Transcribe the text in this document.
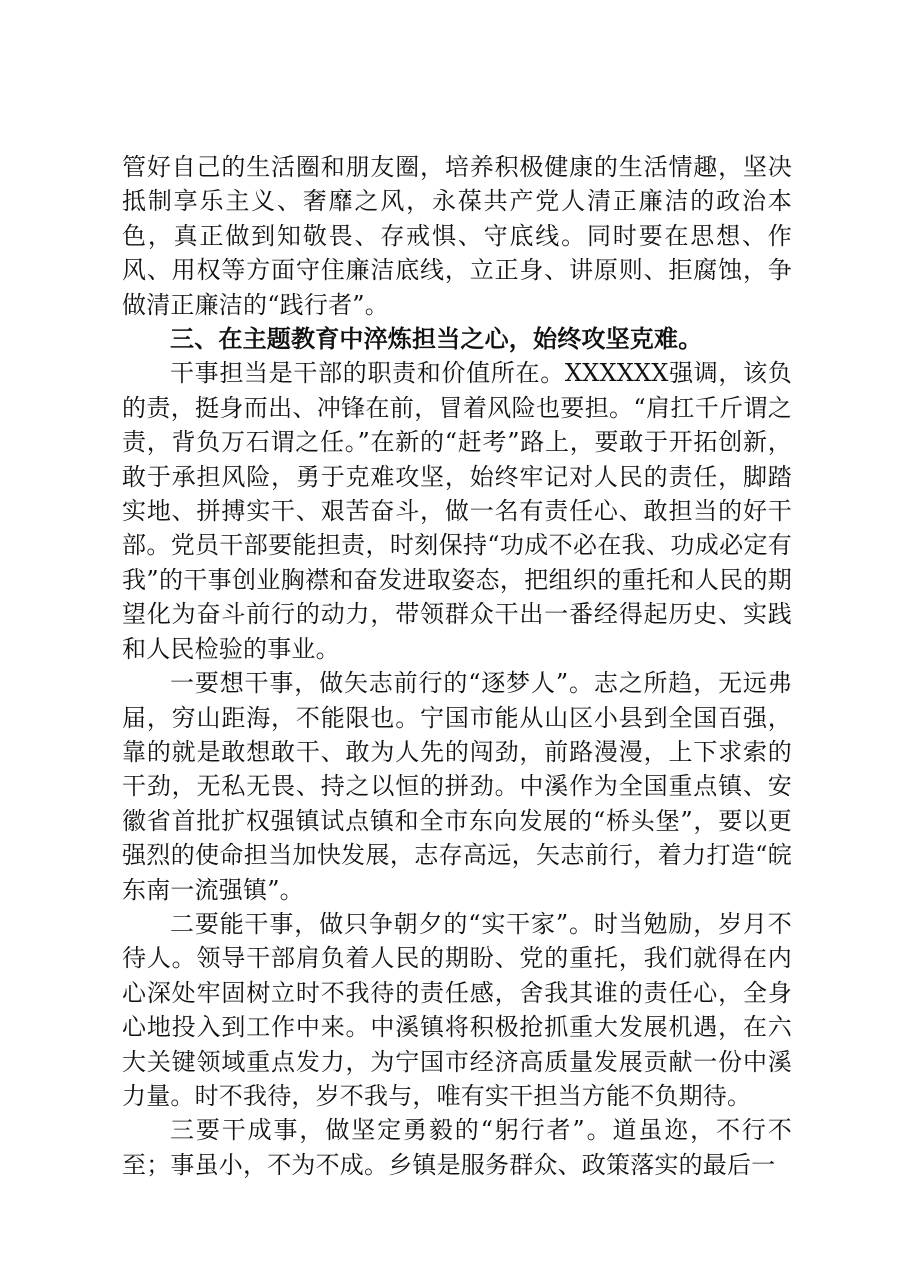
管好自己的生活圈和朋友圈，培养积极健康的生活情趣，坚决抵制享乐主义、奢靡之风，永葆共产党人清正廉洁的政治本色，真正做到知敬畏、存戒惧、守底线。同时要在思想、作风、用权等方面守住廉洁底线，立正身、讲原则、拒腐蚀，争做清正廉洁的“践行者”。

三、在主题教育中淬炼担当之心，始终攻坚克难。

干事担当是干部的职责和价值所在。XXXXXX强调，该负的责，挺身而出、冲锋在前，冒着风险也要担。“肩扛千斤谓之责，背负万石谓之任。”在新的“赶考”路上，要敢于开拓创新，敢于承担风险，勇于克难攻坚，始终牢记对人民的责任，脚踏实地、拼搏实干、艰苦奋斗，做一名有责任心、敢担当的好干部。党员干部要能担责，时刻保持“功成不必在我、功成必定有我”的干事创业胸襟和奋发进取姿态，把组织的重托和人民的期望化为奋斗前行的动力，带领群众干出一番经得起历史、实践和人民检验的事业。

一要想干事，做矢志前行的“逐梦人”。志之所趋，无远弗届，穷山距海，不能限也。宁国市能从山区小县到全国百强，靠的就是敢想敢干、敢为人先的闯劲，前路漫漫，上下求索的干劲，无私无畏、持之以恒的拼劲。中溪作为全国重点镇、安徽省首批扩权强镇试点镇和全市东向发展的“桥头堡”，要以更强烈的使命担当加快发展，志存高远，矢志前行，着力打造“皖东南一流强镇”。

二要能干事，做只争朝夕的“实干家”。时当勉励，岁月不待人。领导干部肩负着人民的期盼、党的重托，我们就得在内心深处牢固树立时不我待的责任感，舍我其谁的责任心，全身心地投入到工作中来。中溪镇将积极抢抓重大发展机遇，在六大关键领域重点发力，为宁国市经济高质量发展贡献一份中溪力量。时不我待，岁不我与，唯有实干担当方能不负期待。

三要干成事，做坚定勇毅的“躬行者”。道虽迩，不行不至；事虽小，不为不成。乡镇是服务群众、政策落实的最后一
